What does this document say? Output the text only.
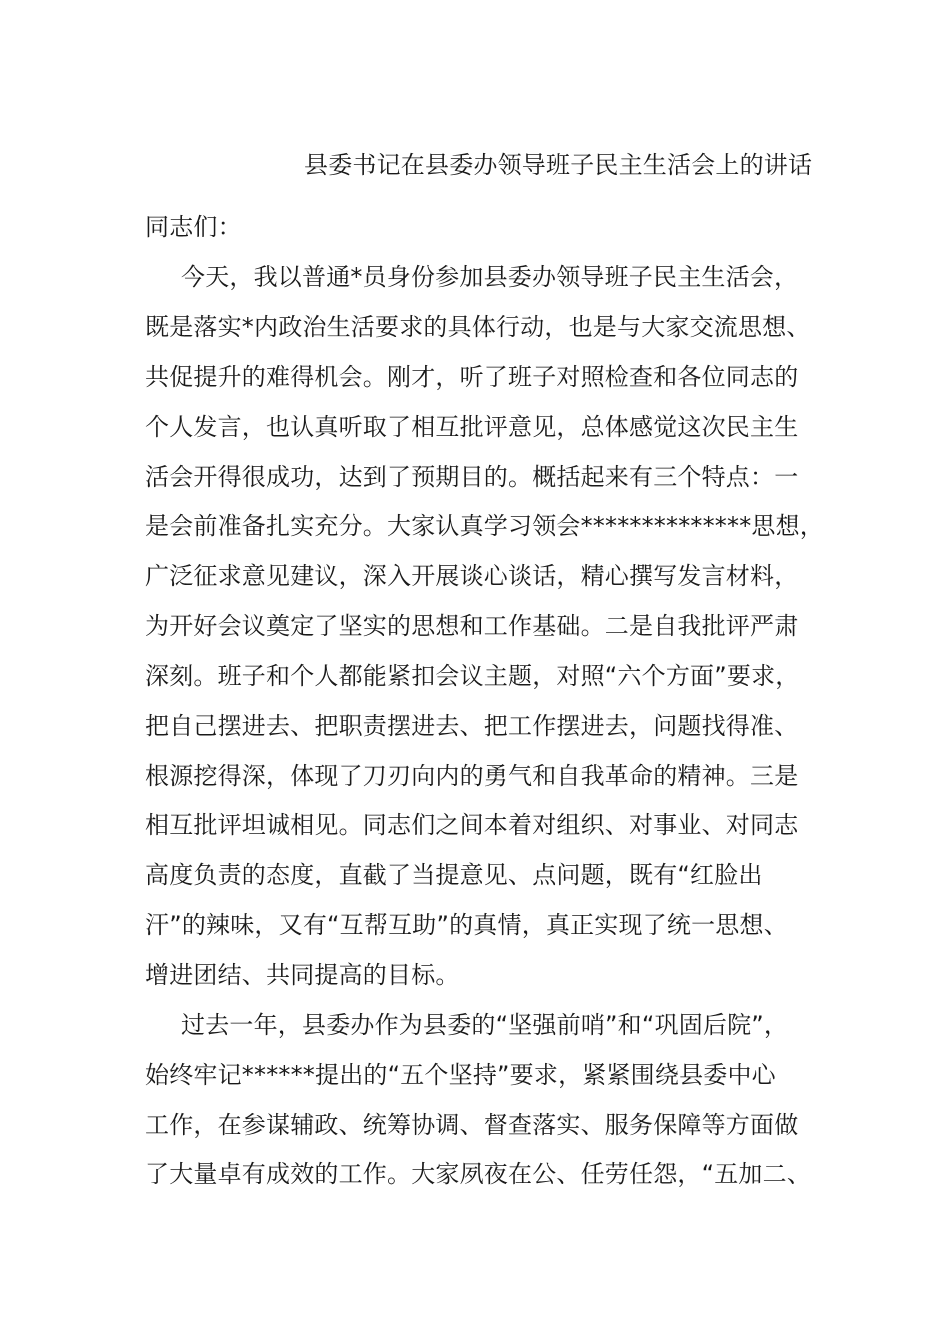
县委书记在县委办领导班子民主生活会上的讲话
同志们：
今天，我以普通*员身份参加县委办领导班子民主生活会，
既是落实*内政治生活要求的具体行动，也是与大家交流思想、
共促提升的难得机会。刚才，听了班子对照检查和各位同志的
个人发言，也认真听取了相互批评意见，总体感觉这次民主生
活会开得很成功，达到了预期目的。概括起来有三个特点：一
是会前准备扎实充分。大家认真学习领会**************思想，
广泛征求意见建议，深入开展谈心谈话，精心撰写发言材料，
为开好会议奠定了坚实的思想和工作基础。二是自我批评严肃
深刻。班子和个人都能紧扣会议主题，对照“六个方面”要求，
把自己摆进去、把职责摆进去、把工作摆进去，问题找得准、
根源挖得深，体现了刀刃向内的勇气和自我革命的精神。三是
相互批评坦诚相见。同志们之间本着对组织、对事业、对同志
高度负责的态度，直截了当提意见、点问题，既有“红脸出
汗”的辣味，又有“互帮互助”的真情，真正实现了统一思想、
增进团结、共同提高的目标。
过去一年，县委办作为县委的“坚强前哨”和“巩固后院”，
始终牢记******提出的“五个坚持”要求，紧紧围绕县委中心
工作，在参谋辅政、统筹协调、督查落实、服务保障等方面做
了大量卓有成效的工作。大家夙夜在公、任劳任怨，“五加二、
